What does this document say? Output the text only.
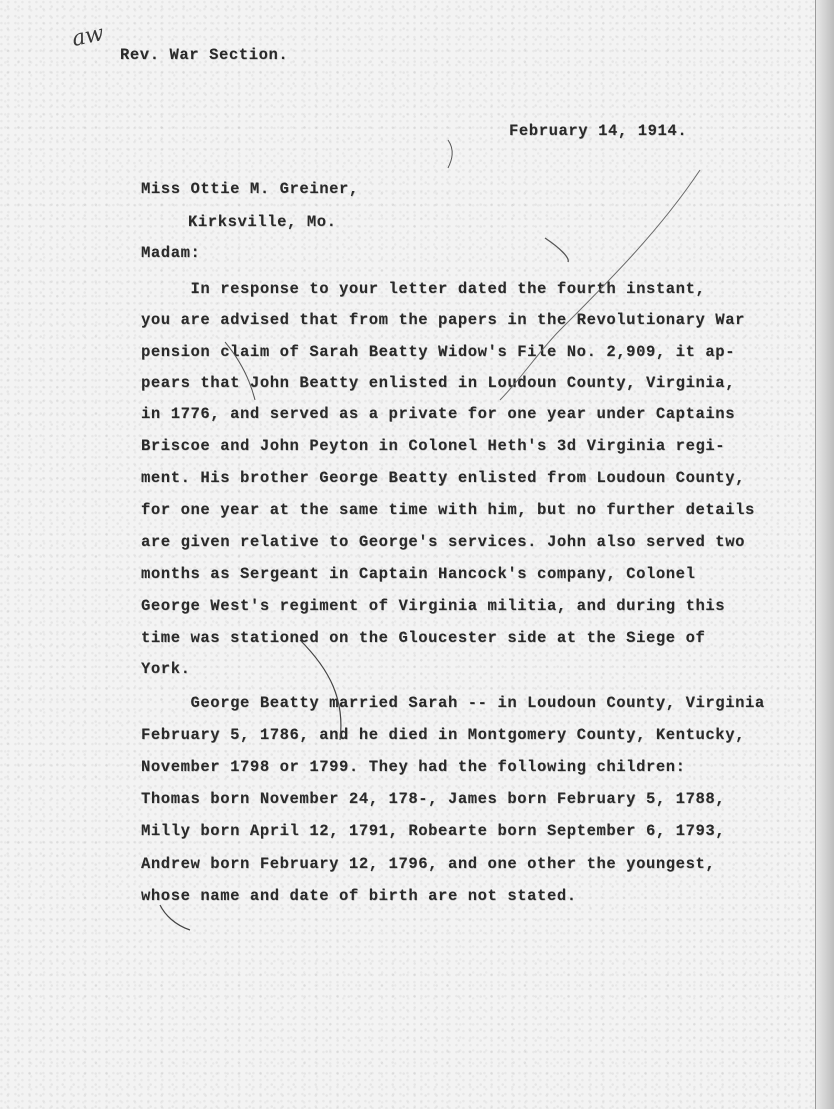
aw
Rev. War Section.
February 14, 1914.
Miss Ottie M. Greiner,
Kirksville, Mo.
Madam:
In response to your letter dated the fourth instant,
you are advised that from the papers in the Revolutionary War
pension claim of Sarah Beatty Widow's File No. 2,909, it ap-
pears that John Beatty enlisted in Loudoun County, Virginia,
in 1776, and served as a private for one year under Captains
Briscoe and John Peyton in Colonel Heth's 3d Virginia regi-
ment. His brother George Beatty enlisted from Loudoun County,
for one year at the same time with him, but no further details
are given relative to George's services. John also served two
months as Sergeant in Captain Hancock's company, Colonel
George West's regiment of Virginia militia, and during this
time was stationed on the Gloucester side at the Siege of
York.
George Beatty married Sarah -- in Loudoun County, Virginia
February 5, 1786, and he died in Montgomery County, Kentucky,
November 1798 or 1799. They had the following children:
Thomas born November 24, 178-, James born February 5, 1788,
Milly born April 12, 1791, Robearte born September 6, 1793,
Andrew born February 12, 1796, and one other the youngest,
whose name and date of birth are not stated.
